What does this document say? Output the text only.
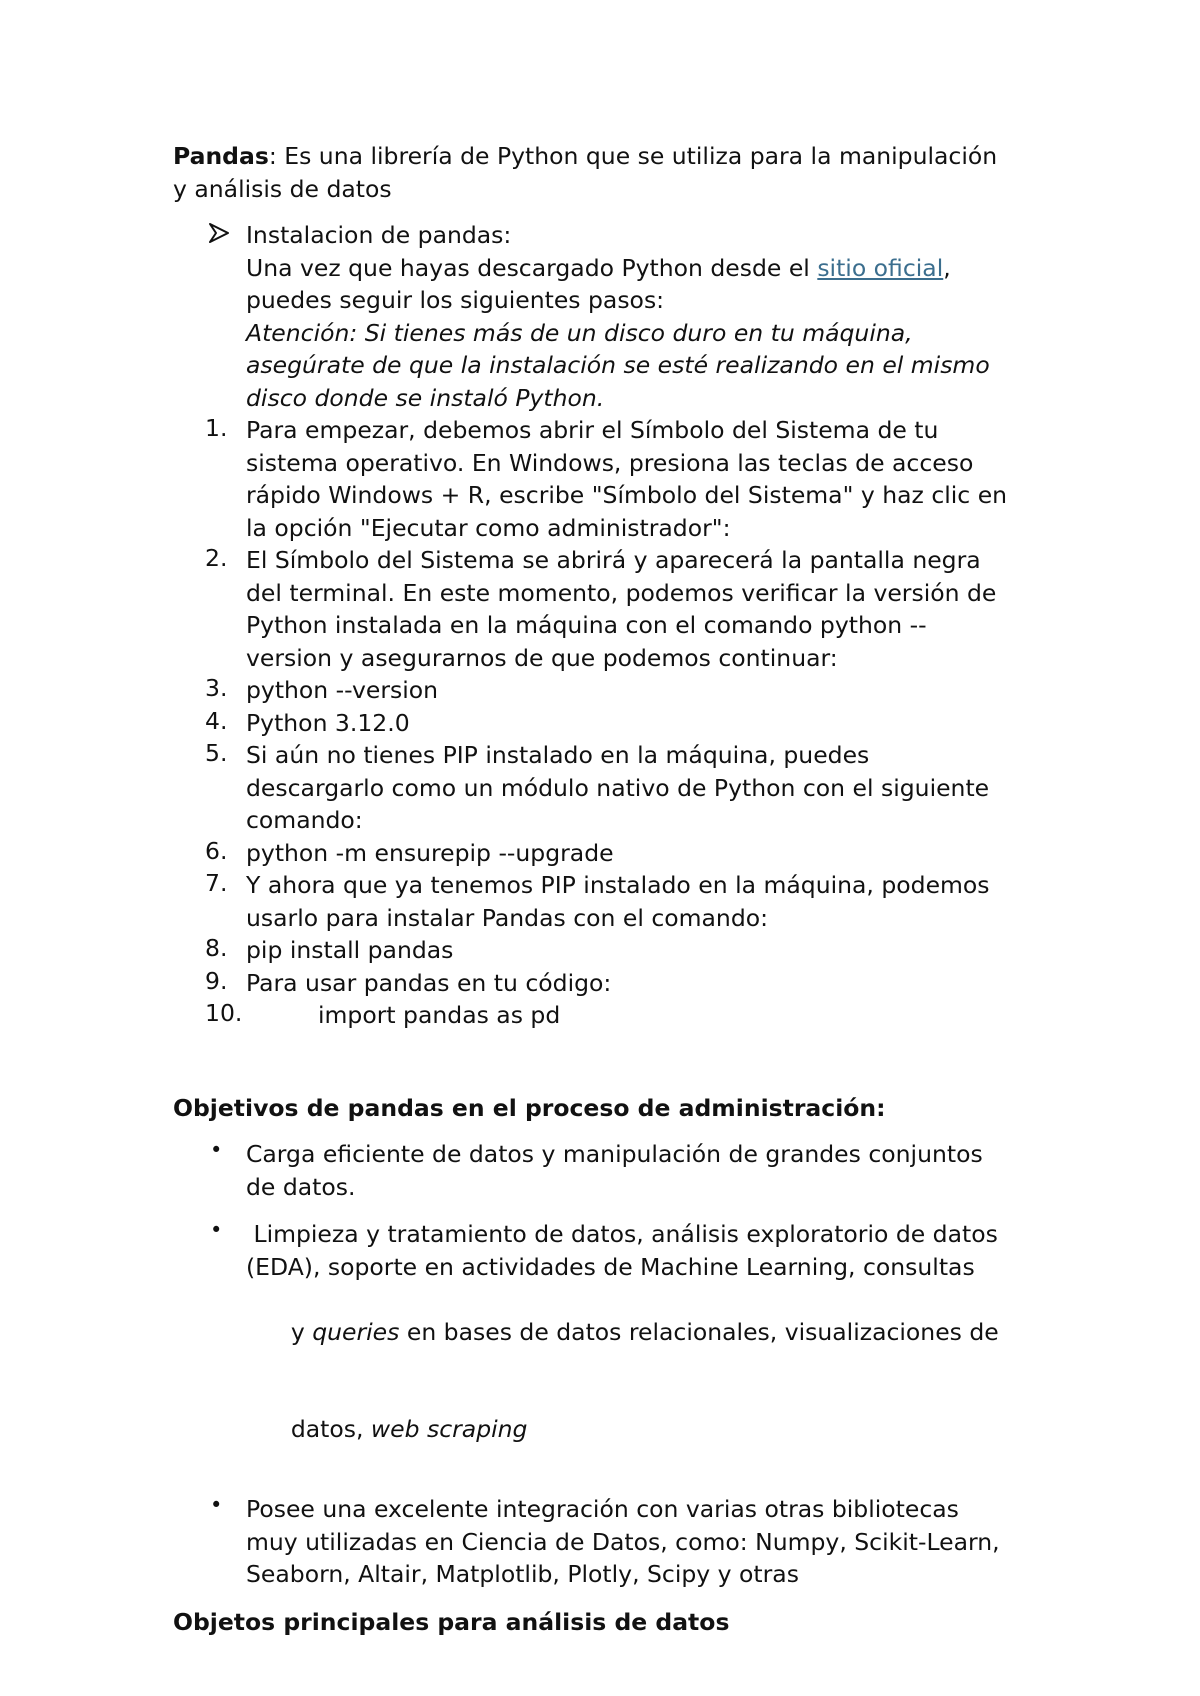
Pandas: Es una librería de Python que se utiliza para la manipulación
y análisis de datos
Instalacion de pandas:
Una vez que hayas descargado Python desde el sitio oficial,
puedes seguir los siguientes pasos:
Atención: Si tienes más de un disco duro en tu máquina,
asegúrate de que la instalación se esté realizando en el mismo
disco donde se instaló Python.
1. Para empezar, debemos abrir el Símbolo del Sistema de tu
sistema operativo. En Windows, presiona las teclas de acceso
rápido Windows + R, escribe "Símbolo del Sistema" y haz clic en
la opción "Ejecutar como administrador":
2. El Símbolo del Sistema se abrirá y aparecerá la pantalla negra
del terminal. En este momento, podemos verificar la versión de
Python instalada en la máquina con el comando python --
version y asegurarnos de que podemos continuar:
3. python --version
4. Python 3.12.0
5. Si aún no tienes PIP instalado en la máquina, puedes
descargarlo como un módulo nativo de Python con el siguiente
comando:
6. python -m ensurepip --upgrade
7. Y ahora que ya tenemos PIP instalado en la máquina, podemos
usarlo para instalar Pandas con el comando:
8. pip install pandas
9. Para usar pandas en tu código:
10.	import pandas as pd
Objetivos de pandas en el proceso de administración:
• Carga eficiente de datos y manipulación de grandes conjuntos
de datos.
• Limpieza y tratamiento de datos, análisis exploratorio de datos
(EDA), soporte en actividades de Machine Learning, consultas

y queries en bases de datos relacionales, visualizaciones de

datos, web scraping

• Posee una excelente integración con varias otras bibliotecas
muy utilizadas en Ciencia de Datos, como: Numpy, Scikit-Learn,
Seaborn, Altair, Matplotlib, Plotly, Scipy y otras
Objetos principales para análisis de datos
